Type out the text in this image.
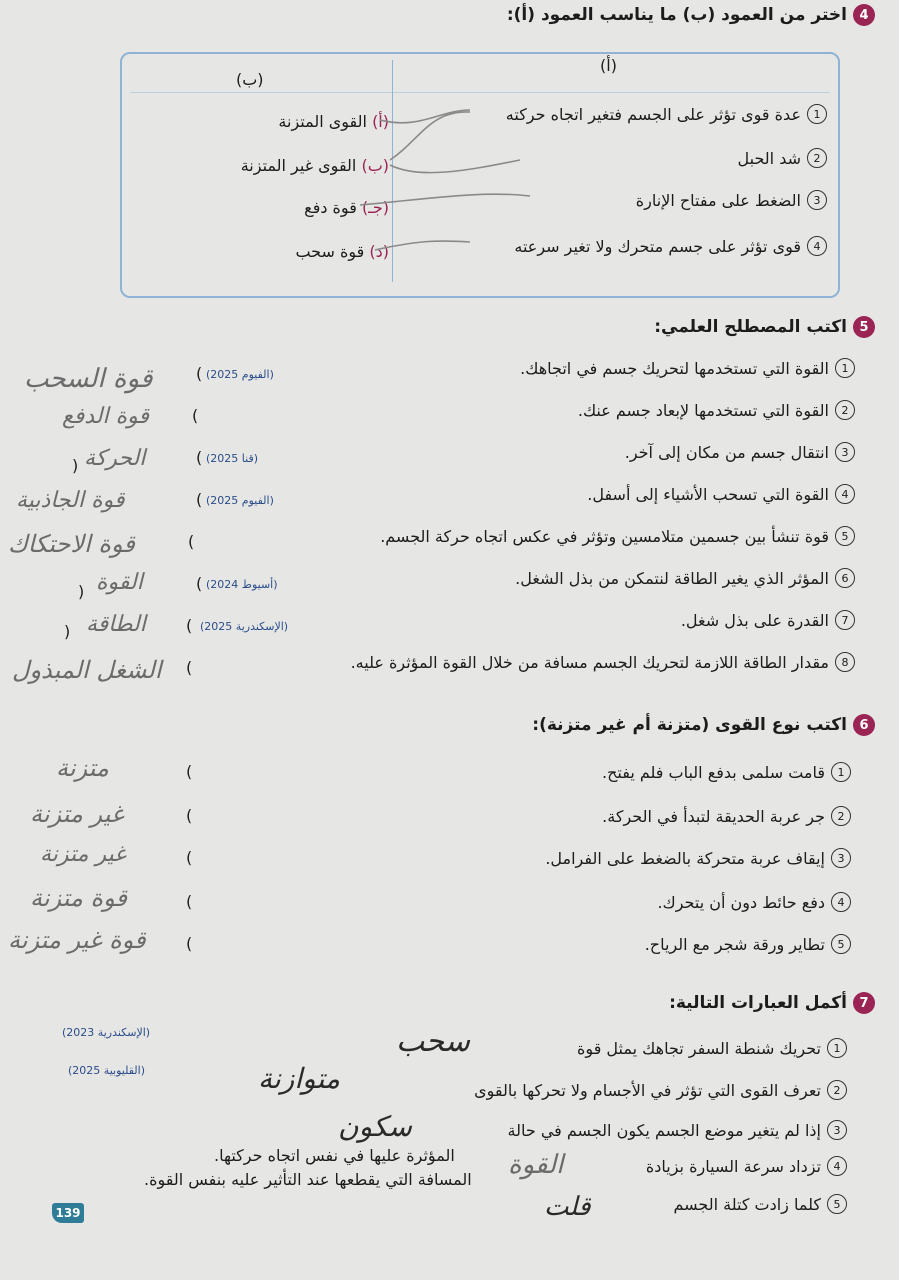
4
اختر من العمود (ب) ما يناسب العمود (أ):
(أ)
(ب)
1
عدة قوى تؤثر على الجسم فتغير اتجاه حركته
2
شد الحبل
3
الضغط على مفتاح الإنارة
4
قوى تؤثر على جسم متحرك ولا تغير سرعته
(أ) القوى المتزنة
(ب) القوى غير المتزنة
(جـ) قوة دفع
(د) قوة سحب
5
اكتب المصطلح العلمي:
1
القوة التي تستخدمها لتحريك جسم في اتجاهك.
2
القوة التي تستخدمها لإبعاد جسم عنك.
3
انتقال جسم من مكان إلى آخر.
4
القوة التي تسحب الأشياء إلى أسفل.
5
قوة تنشأ بين جسمين متلامسين وتؤثر في عكس اتجاه حركة الجسم.
6
المؤثر الذي يغير الطاقة لنتمكن من بذل الشغل.
7
القدرة على بذل شغل.
8
مقدار الطاقة اللازمة لتحريك الجسم مسافة من خلال القوة المؤثرة عليه.
(الفيوم 2025)
(قنا 2025)
(الفيوم 2025)
(أسيوط 2024)
(الإسكندرية 2025)
(
(
(
)
(
(
(
)
(
)
(
قوة السحب
قوة الدفع
الحركة
قوة الجاذبية
قوة الاحتكاك
القوة
الطاقة
الشغل المبذول
6
اكتب نوع القوى (متزنة أم غير متزنة):
1
قامت سلمى بدفع الباب فلم يفتح.
2
جر عربة الحديقة لتبدأ في الحركة.
3
إيقاف عربة متحركة بالضغط على الفرامل.
4
دفع حائط دون أن يتحرك.
5
تطاير ورقة شجر مع الرياح.
(
(
(
(
(
متزنة
غير متزنة
غير متزنة
قوة متزنة
قوة غير متزنة
7
أكمل العبارات التالية:
(الإسكندرية 2023)
(القليوبية 2025)
1
تحريك شنطة السفر تجاهك يمثل قوة
2
تعرف القوى التي تؤثر في الأجسام ولا تحركها بالقوى
3
إذا لم يتغير موضع الجسم يكون الجسم في حالة
4
تزداد سرعة السيارة بزيادة
المؤثرة عليها في نفس اتجاه حركتها.
5
كلما زادت كتلة الجسم
المسافة التي يقطعها عند التأثير عليه بنفس القوة.
سحب
متوازنة
سكون
القوة
قلت
139
